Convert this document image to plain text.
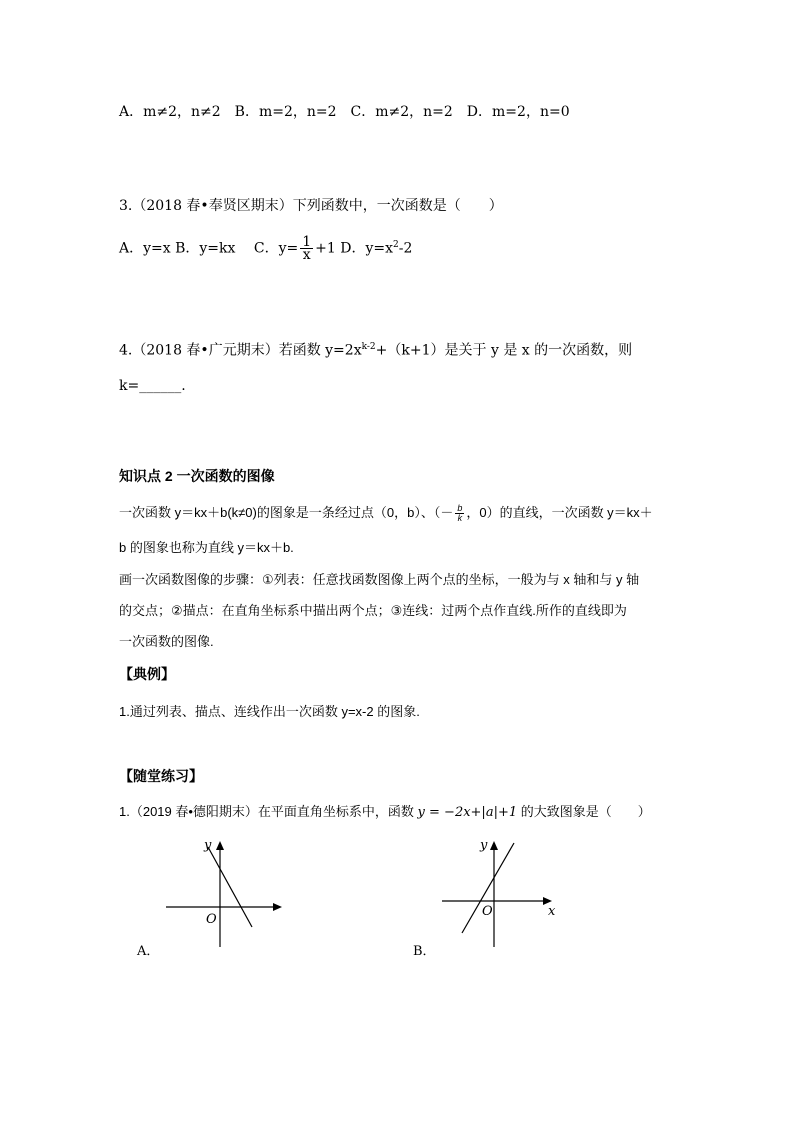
A．m≠2，n≠2　B．m=2，n=2　C．m≠2，n=2　D．m=2，n=0
3.（2018 春•奉贤区期末）下列函数中，一次函数是（　　）
A．y=x B．y=kx　 C．$y= \frac{1}{x} +1$ D．$y=x^2-2$
4.（2018 春•广元期末）若函数 $y=2x^{k-2}+(k+1)$是关于 y 是 x 的一次函数，则
k=______.
知识点 2 一次函数的图像
一次函数 y＝kx＋b(k≠0)的图象是一条经过点（0，b）、（－ $\frac{b}{k}$ ，0）的直线，一次函数 y＝kx＋
b 的图象也称为直线 y＝kx＋b.
画一次函数图像的步骤：①列表：任意找函数图像上两个点的坐标，一般为与 x 轴和与 y 轴
的交点；②描点：在直角坐标系中描出两个点；③连线：过两个点作直线.所作的直线即为
一次函数的图像.
【典例】
1.通过列表、描点、连线作出一次函数 y=x-2 的图象.
【随堂练习】
1.（2019 春•德阳期末）在平面直角坐标系中，函数 y = −2x+|a|+1 的大致图象是（　　）
y
O
A．
y
x
O
B．
